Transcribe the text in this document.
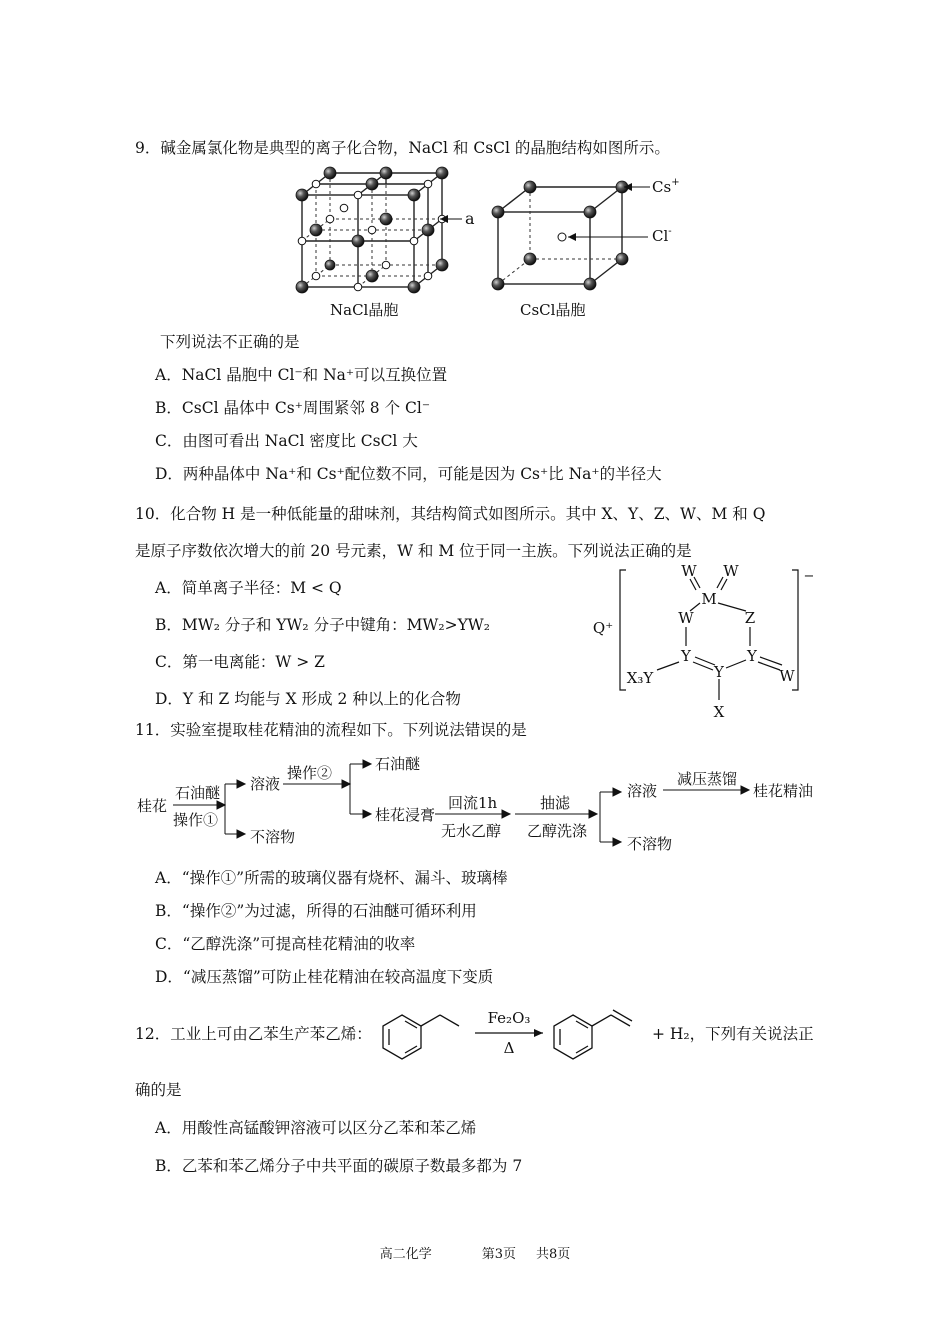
9．碱金属氯化物是典型的离子化合物，NaCl 和 CsCl 的晶胞结构如图所示。
a
NaCl晶胞
Cs+
Cl-
CsCl晶胞
下列说法不正确的是
A．NaCl 晶胞中 Cl⁻和 Na⁺可以互换位置
B．CsCl 晶体中 Cs⁺周围紧邻 8 个 Cl⁻
C．由图可看出 NaCl 密度比 CsCl 大
D．两种晶体中 Na⁺和 Cs⁺配位数不同，可能是因为 Cs⁺比 Na⁺的半径大
10．化合物 H 是一种低能量的甜味剂，其结构简式如图所示。其中 X、Y、Z、W、M 和 Q
是原子序数依次增大的前 20 号元素，W 和 M 位于同一主族。下列说法正确的是
A．简单离子半径：M < Q
B．MW₂ 分子和 YW₂ 分子中键角：MW₂>YW₂
C．第一电离能：W > Z
D．Y 和 Z 均能与 X 形成 2 种以上的化合物
W W
M
W	Z
Y	Y
Y
X₃Y	W
X
Q⁺
−
11．实验室提取桂花精油的流程如下。下列说法错误的是
桂花
石油醚
操作①
溶液
不溶物
操作②	石油醚
桂花浸膏
回流1h
无水乙醇
抽滤
乙醇洗涤
溶液
不溶物
减压蒸馏
桂花精油
A．“操作①”所需的玻璃仪器有烧杯、漏斗、玻璃棒
B．“操作②”为过滤，所得的石油醚可循环利用
C．“乙醇洗涤”可提高桂花精油的收率
D．“减压蒸馏”可防止桂花精油在较高温度下变质
12．工业上可由乙苯生产苯乙烯：
Fe₂O₃
Δ
+ H₂，下列有关说法正
确的是
A．用酸性高锰酸钾溶液可以区分乙苯和苯乙烯
B．乙苯和苯乙烯分子中共平面的碳原子数最多都为 7
高二化学	第3页 共8页
